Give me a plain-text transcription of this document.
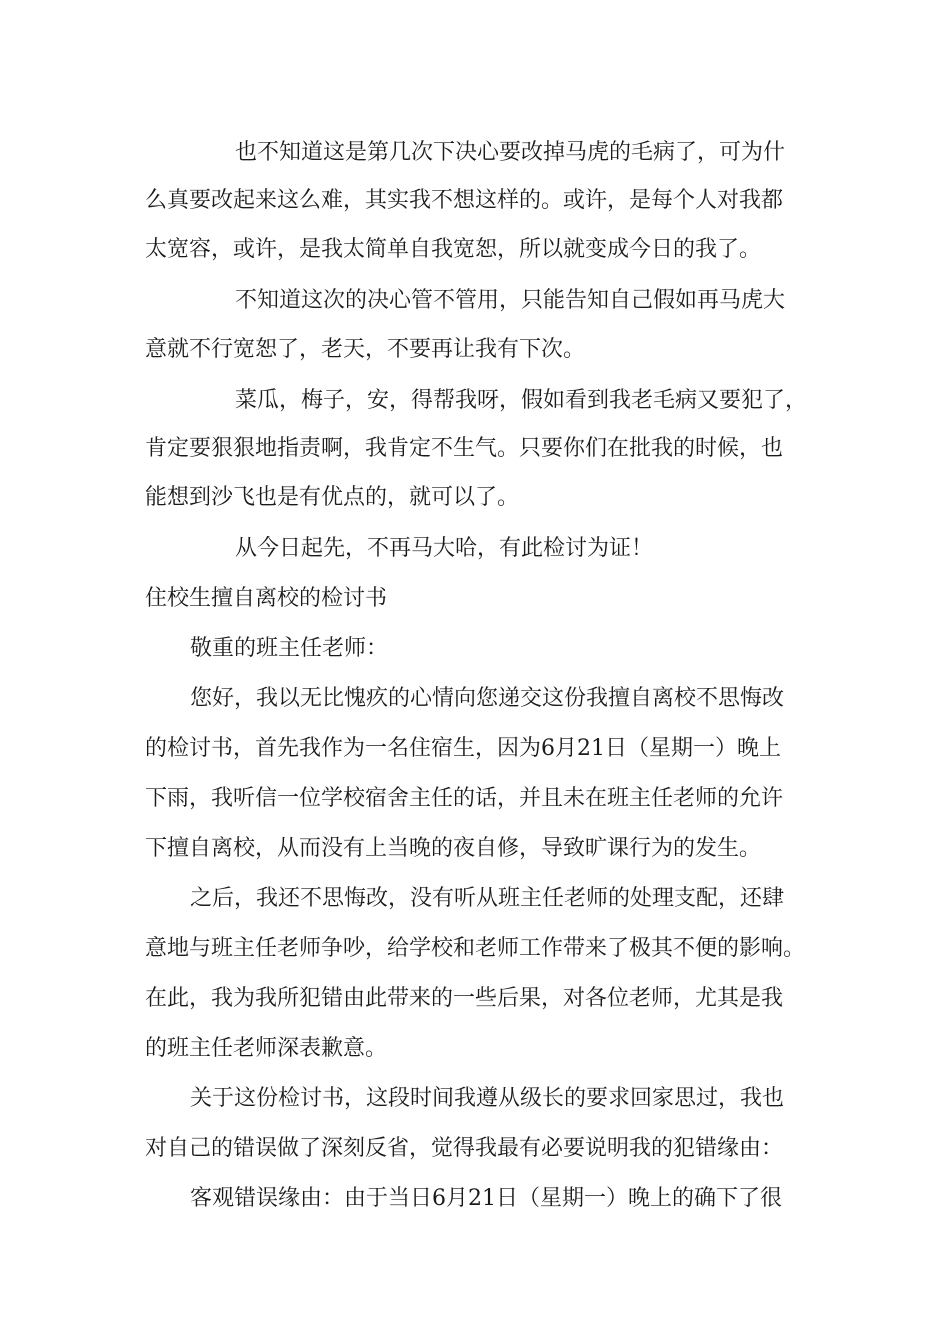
也不知道这是第几次下决心要改掉马虎的毛病了，可为什
么真要改起来这么难，其实我不想这样的。或许，是每个人对我都
太宽容，或许，是我太简单自我宽恕，所以就变成今日的我了。
不知道这次的决心管不管用，只能告知自己假如再马虎大
意就不行宽恕了，老天，不要再让我有下次。
菜瓜，梅子，安，得帮我呀，假如看到我老毛病又要犯了，
肯定要狠狠地指责啊，我肯定不生气。只要你们在批我的时候，也
能想到沙飞也是有优点的，就可以了。
从今日起先，不再马大哈，有此检讨为证！
住校生擅自离校的检讨书
敬重的班主任老师：
您好，我以无比愧疚的心情向您递交这份我擅自离校不思悔改
的检讨书，首先我作为一名住宿生，因为6月21日（星期一）晚上
下雨，我听信一位学校宿舍主任的话，并且未在班主任老师的允许
下擅自离校，从而没有上当晚的夜自修，导致旷课行为的发生。
之后，我还不思悔改，没有听从班主任老师的处理支配，还肆
意地与班主任老师争吵，给学校和老师工作带来了极其不便的影响。
在此，我为我所犯错由此带来的一些后果，对各位老师，尤其是我
的班主任老师深表歉意。
关于这份检讨书，这段时间我遵从级长的要求回家思过，我也
对自己的错误做了深刻反省，觉得我最有必要说明我的犯错缘由：
客观错误缘由：由于当日6月21日（星期一）晚上的确下了很
